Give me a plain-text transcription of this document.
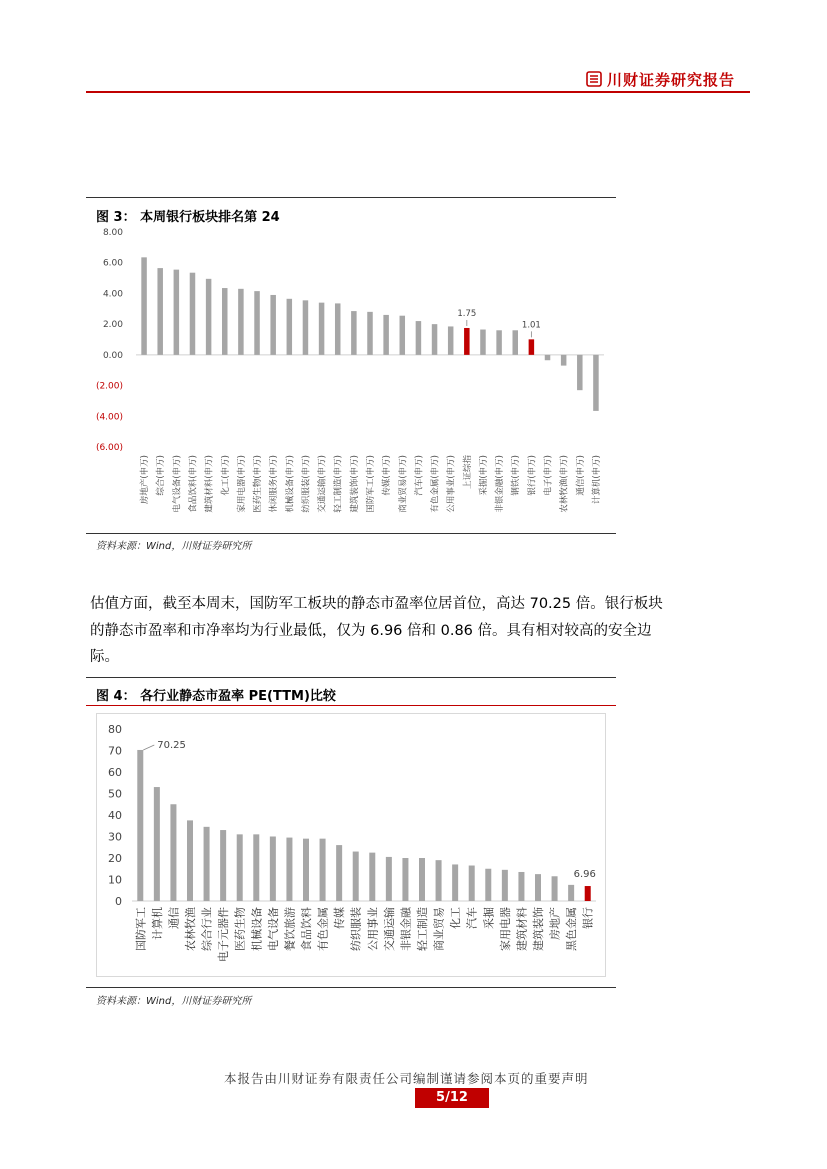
川财证券研究报告
图 3： 本周银行板块排名第 24
8.00
6.00
4.00
2.00
0.00
(2.00)
(4.00)
(6.00)
房地产(申万) 综合(申万) 电气设备(申万) 食品饮料(申万) 建筑材料(申万) 化工(申万) 家用电器(申万) 医药生物(申万) 休闲服务(申万) 机械设备(申万) 纺织服装(申万) 交通运输(申万) 轻工制造(申万) 建筑装饰(申万) 国防军工(申万) 传媒(申万) 商业贸易(申万) 汽车(申万) 有色金属(申万) 公用事业(申万) 上证综指 采掘(申万) 非银金融(申万) 钢铁(申万) 银行(申万) 电子(申万) 农林牧渔(申万) 通信(申万) 计算机(申万)
1.75
1.01
资料来源：Wind，川财证券研究所
估值方面，截至本周末，国防军工板块的静态市盈率位居首位，高达 70.25 倍。银行板块
的静态市盈率和市净率均为行业最低，仅为 6.96 倍和 0.86 倍。具有相对较高的安全边
际。
图 4： 各行业静态市盈率 PE(TTM)比较
80
70
60
50
40
30
20
10
0
国防军工 计算机 通信 农林牧渔 综合行业 电子元器件 医药生物 机械设备 电气设备 餐饮旅游 食品饮料 有色金属 传媒 纺织服装 公用事业 交通运输 非银金融 轻工制造 商业贸易 化工 汽车 采掘 家用电器 建筑材料 建筑装饰 房地产 黑色金属 银行
70.25
6.96
资料来源：Wind，川财证券研究所
本报告由川财证券有限责任公司编制谨请参阅本页的重要声明
5/12
